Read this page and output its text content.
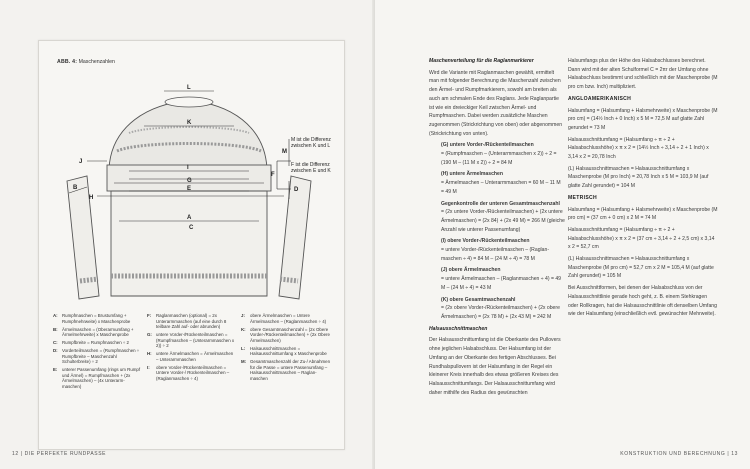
ABB. 4: Maschenzahlen
L
K
J
I
G
E
H
A
C
B
F
M
D
M ist die Differenz zwischen K und L
F ist die Differenz zwischen E und K
A: Rumpfmaschen = Brustumfang + Rumpfmehrweite) x Maschenprobe
B: Ärmelmaschen = (Oberarmumfang + Ärmelmehrweite) x Maschenprobe
C: Rumpfbreite = Rumpfmaschen ÷ 2
D: Vorderteilmaschen = (Rumpfmaschen ÷ Rumpfbreite – Maschenzahl Schulterbreite) ÷ 2
E:	unterer Passenumfang (rings um Rumpf und Ärmel) = Rumpfmaschen + (2x Ärmelmaschen) – (4x Unterarmmaschen)
F:	Raglanmaschen (optional) = 2x Unterarmmaschen (auf eine durch 8 teilbare Zahl auf- oder abrunden)
G: untere Vorder-/Rückenteilmaschen = (Rumpfmaschen – (Unterarmmaschen x 2)) ÷ 2
H: untere Ärmelmaschen = Ärmelmaschen – Unterarmmaschen
I:	obere Vorder-/Rückenteilmaschen = Untere Vorder-/ Rückenteilmaschen – (Raglanmaschen ÷ 4)
J:	obere Ärmelmaschen = Untere Ärmelmaschen – (Raglanmaschen ÷ 4)
K: obere Gesamtmaschenzahl = (2x Obere Vorder-/Rückenteilmaschen) + (2x Obere Ärmelmaschen)
L:	Halsausschnittmaschen = Halsausschnittumfang x Maschenprobe
M: Gesamtmaschenzahl der Zu-/ Abnahmen für die Passe = untere Passenumfang – Halsausschnittmaschen – Raglanmaschen
12 | DIE PERFEKTE RUNDPASSE

Maschenverteilung für die Raglanmarkierer

Wird die Variante mit Raglanmaschen gewählt, ermittelt man mit folgender Berechnung die Maschenzahl zwischen den Ärmel- und Rumpfmarkierern, sowohl am breiten als auch am schmalen Ende des Raglans. Jede Raglanpartie ist wie ein dreieckiger Keil zwischen Ärmel- und Rumpfmaschen. Dabei werden zusätzliche Maschen zugenommen (Strickrichtung von oben) oder abgenommen (Strickrichtung von unten).

(G) untere Vorder-/Rückenteilmaschen
= (Rumpfmaschen – (Unterarmmaschen x 2)) ÷ 2 = (190 M – (11 M x 2)) ÷ 2 = 84 M

(H) untere Ärmelmaschen
= Ärmelmaschen – Unterarmmaschen = 60 M – 11 M = 49 M

Gegenkontrolle der unteren Gesamtmaschenzahl
= (2x untere Vorder-/Rückenteilmaschen) + (2x untere Ärmelmaschen) = (2x 84) + (2x 49 M) = 266 M (gleiche Anzahl wie unterer Passenumfang)

(I) obere Vorder-/Rückenteilmaschen
= untere Vorder-/Rückenteilmaschen – (Raglanmaschen ÷ 4) = 84 M – (24 M ÷ 4) = 78 M

(J) obere Ärmelmaschen
= untere Ärmelmaschen – (Raglanmaschen ÷ 4) = 49 M – (24 M ÷ 4) = 43 M

(K) obere Gesamtmaschenzahl
= (2x obere Vorder-/Rückenteilmaschen) + (2x obere Ärmelmaschen) = (2x 78 M) + (2x 43 M) = 242 M

Halsausschnittmaschen

Der Halsausschnittumfang ist die Oberkante des Pullovers ohne jeglichen Halsabschluss. Der Halsumfang ist der Umfang an der Oberkante des fertigen Abschlusses. Bei Rundhalspullovern ist der Halsumfang in der Regel ein kleinerer Kreis innerhalb des etwas größeren Kreises des Halsausschnittumfangs. Der Halsausschnittumfang wird daher mithilfe des Radius des gewünschten

Halsumfangs plus der Höhe des Halsabschlusses berechnet. Dann wird mit der alten Schulformel C = 2πr der Umfang ohne Halsabschluss bestimmt und schließlich mit der Maschenprobe (M pro cm bzw. Inch) multipliziert.

ANGLOAMERIKANISCH

Halsumfang = (Halsumfang + Halsmehrweite) x Maschenprobe (M pro cm) = (14½ Inch + 0 Inch) x 5 M = 72,5 M auf glatte Zahl gerundet = 73 M

Halsausschnittumfang = (Halsumfang ÷ π ÷ 2 + Halsabschlusshöhe) x π x 2 = (14½ Inch ÷ 3,14 ÷ 2 + 1 Inch) x 3,14 x 2 = 20,78 Inch

(L) Halsausschnittmaschen = Halsausschnittumfang x Maschenprobe (M pro Inch) = 20,78 Inch x 5 M = 103,9 M (auf glatte Zahl gerundet) = 104 M

METRISCH

Halsumfang = (Halsumfang + Halsmehrweite) x Maschenprobe (M pro cm) = (37 cm + 0 cm) x 2 M = 74 M

Halsausschnittumfang = (Halsumfang ÷ π ÷ 2 + Halsabschlusshöhe) x π x 2 = (37 cm ÷ 3,14 ÷ 2 + 2,5 cm) x 3,14 x 2 = 52,7 cm

(L) Halsausschnittmaschen = Halsausschnittumfang x Maschenprobe (M pro cm) = 52,7 cm x 2 M = 105,4 M (auf glatte Zahl gerundet) = 105 M

Bei Ausschnittformen, bei denen der Halsabschluss von der Halsausschnittlinie gerade hoch geht, z. B. einem Stehkragen oder Rollkragen, hat die Halsausschnittlinie oft denselben Umfang wie der Halsumfang (einschließlich evtl. gewünschter Mehrweite).

KONSTRUKTION UND BERECHNUNG | 13
